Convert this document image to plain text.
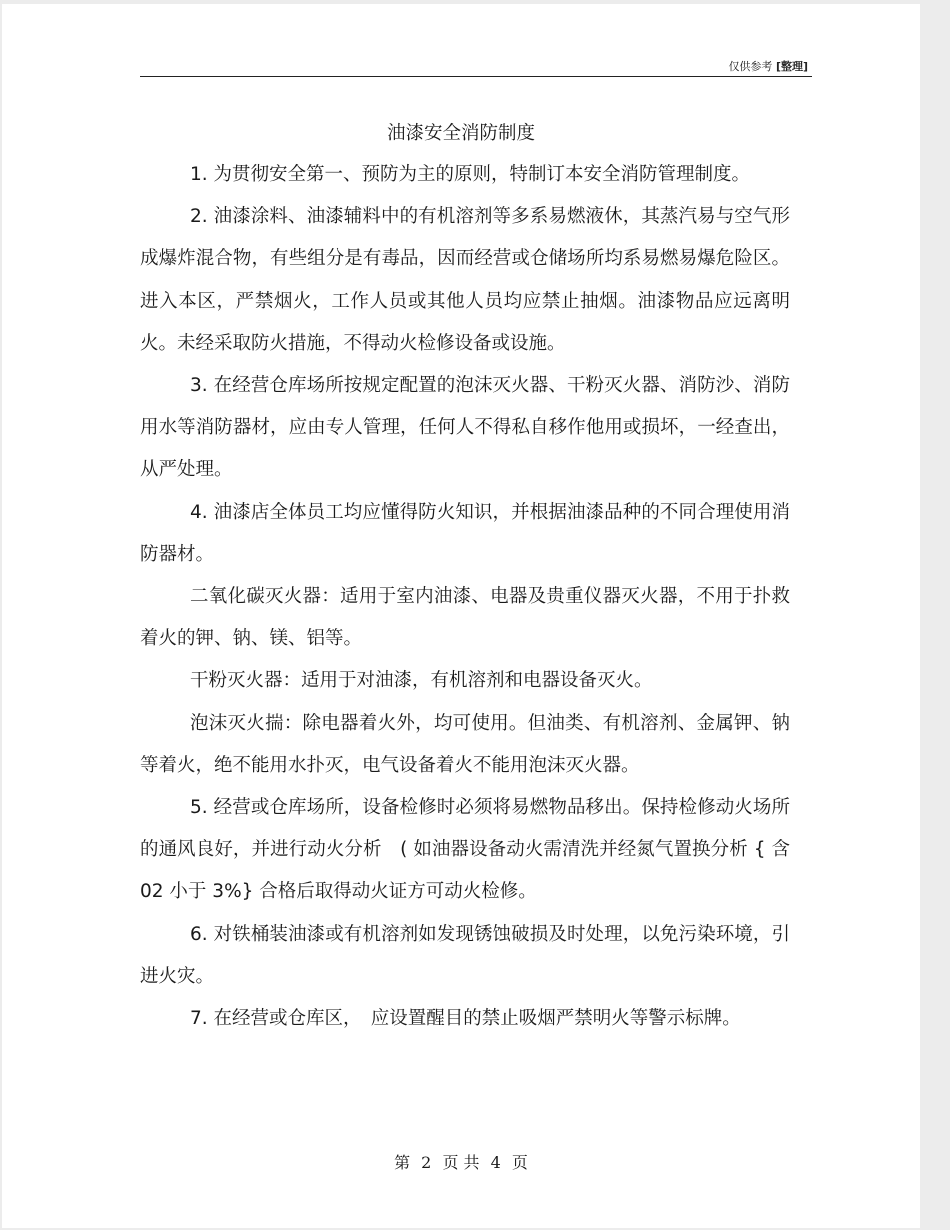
仅供参考 [整理]
油漆安全消防制度

1. 为贯彻安全第一、预防为主的原则，特制订本安全消防管理制度。

2. 油漆涂料、油漆辅料中的有机溶剂等多系易燃液休，其蒸汽易与空气形成爆炸混合物，有些组分是有毒品，因而经营或仓储场所均系易燃易爆危险区。进入本区，严禁烟火，工作人员或其他人员均应禁止抽烟。油漆物品应远离明火。未经采取防火措施，不得动火检修设备或设施。

3. 在经营仓库场所按规定配置的泡沫灭火器、干粉灭火器、消防沙、消防用水等消防器材，应由专人管理，任何人不得私自移作他用或损坏，一经查出，从严处理。

4. 油漆店全体员工均应懂得防火知识，并根据油漆品种的不同合理使用消防器材。

二氧化碳灭火器：适用于室内油漆、电器及贵重仪器灭火器，不用于扑救着火的钾、钠、镁、铝等。

干粉灭火器：适用于对油漆，有机溶剂和电器设备灭火。

泡沫灭火揣：除电器着火外，均可使用。但油类、有机溶剂、金属钾、钠等着火，绝不能用水扑灭，电气设备着火不能用泡沫灭火器。

5. 经营或仓库场所，设备检修时必须将易燃物品移出。保持检修动火场所的通风良好，并进行动火分析　( 如油器设备动火需清洗并经氮气置换分析 { 含 02 小于 3%} 合格后取得动火证方可动火检修。

6. 对铁桶装油漆或有机溶剂如发现锈蚀破损及时处理，以免污染环境，引进火灾。

7. 在经营或仓库区，　应设置醒目的禁止吸烟严禁明火等警示标牌。

第 2 页 共 4 页
